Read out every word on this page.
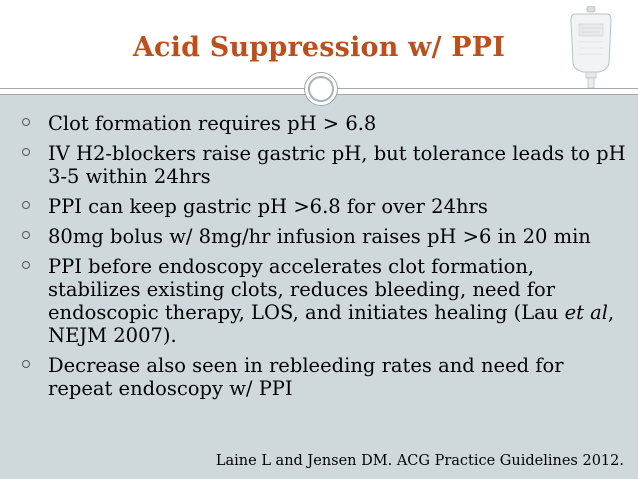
Acid Suppression w/ PPI
Clot formation requires pH > 6.8
IV H2-blockers raise gastric pH, but tolerance leads to pH 3-5 within 24hrs
PPI can keep gastric pH >6.8 for over 24hrs
80mg bolus w/ 8mg/hr infusion raises pH >6 in 20 min
PPI before endoscopy accelerates clot formation, stabilizes existing clots, reduces bleeding, need for endoscopic therapy, LOS, and initiates healing (Lau et al, NEJM 2007).
Decrease also seen in rebleeding rates and need for repeat endoscopy w/ PPI
Laine L and Jensen DM. ACG Practice Guidelines 2012.
